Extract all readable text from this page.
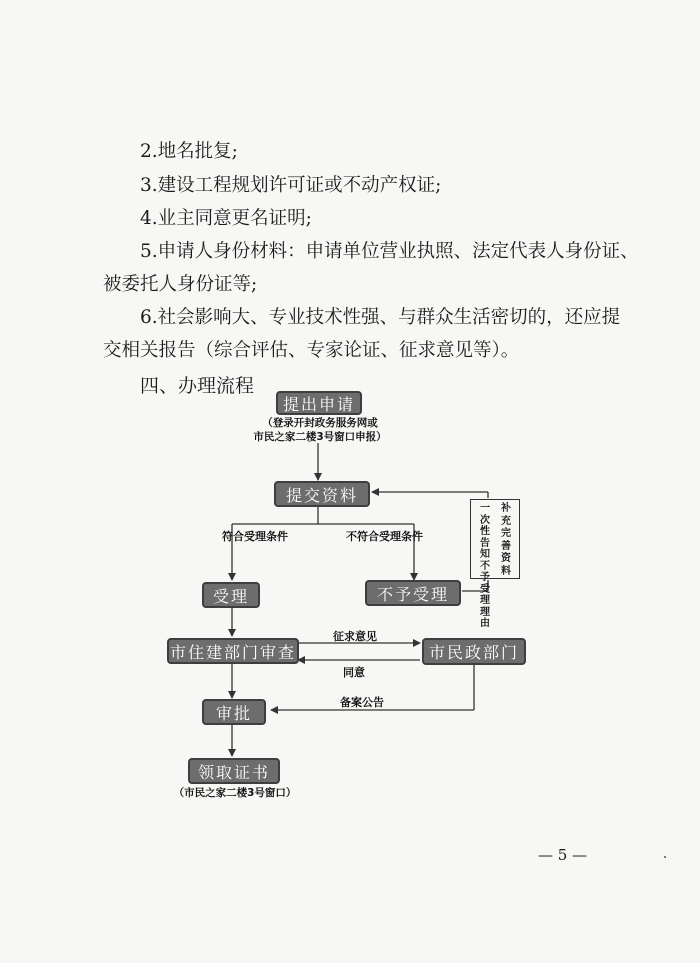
2.地名批复;
3.建设工程规划许可证或不动产权证;
4.业主同意更名证明;
5.申请人身份材料：申请单位营业执照、法定代表人身份证、
被委托人身份证等;
6.社会影响大、专业技术性强、与群众生活密切的，还应提
交相关报告（综合评估、专家论证、征求意见等）。
四、办理流程
提出申请
（登录开封政务服务网或
市民之家二楼3号窗口申报）
提交资料
符合受理条件	不符合受理条件
受理	不予受理
一次性告知不予受理理由
补充完善资料
市住建部门审查
征求意见
同意
市民政部门
备案公告
审批
领取证书
（市民之家二楼3号窗口）
— 5 —
